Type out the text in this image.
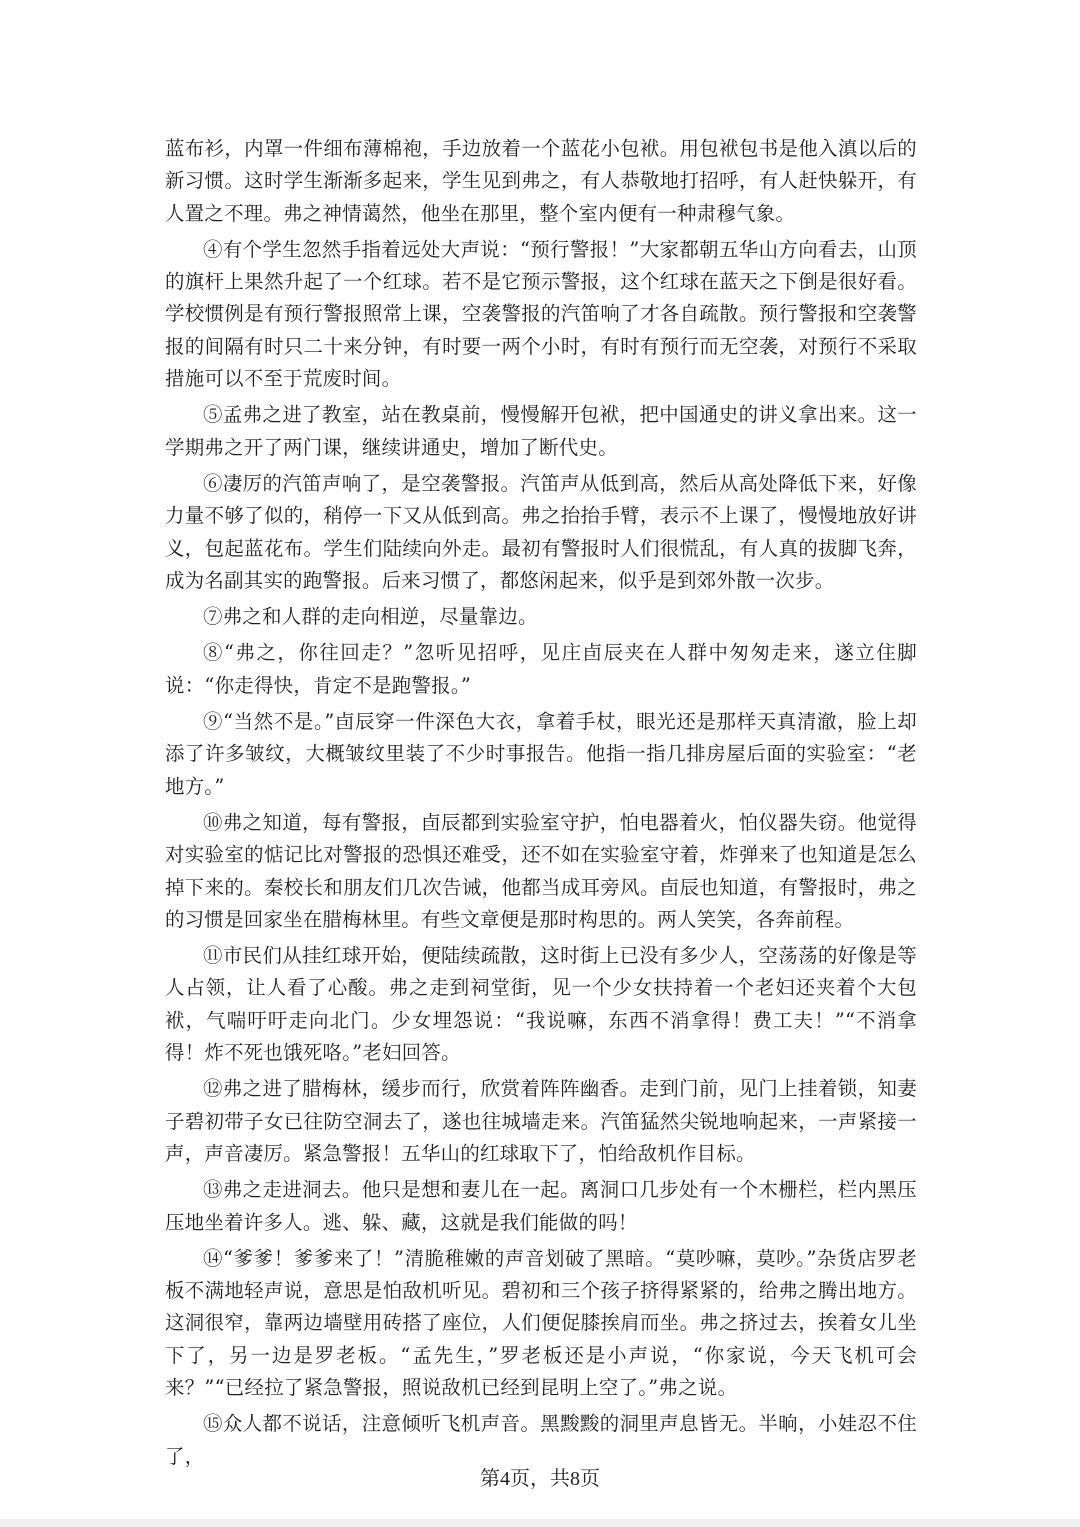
蓝布衫，内罩一件细布薄棉袍，手边放着一个蓝花小包袱。用包袱包书是他入滇以后的新习惯。这时学生渐渐多起来，学生见到弗之，有人恭敬地打招呼，有人赶快躲开，有人置之不理。弗之神情蔼然，他坐在那里，整个室内便有一种肃穆气象。

④有个学生忽然手指着远处大声说：“预行警报！”大家都朝五华山方向看去，山顶的旗杆上果然升起了一个红球。若不是它预示警报，这个红球在蓝天之下倒是很好看。学校惯例是有预行警报照常上课，空袭警报的汽笛响了才各自疏散。预行警报和空袭警报的间隔有时只二十来分钟，有时要一两个小时，有时有预行而无空袭，对预行不采取措施可以不至于荒废时间。

⑤孟弗之进了教室，站在教桌前，慢慢解开包袱，把中国通史的讲义拿出来。这一学期弗之开了两门课，继续讲通史，增加了断代史。

⑥凄厉的汽笛声响了，是空袭警报。汽笛声从低到高，然后从高处降低下来，好像力量不够了似的，稍停一下又从低到高。弗之抬抬手臂，表示不上课了，慢慢地放好讲义，包起蓝花布。学生们陆续向外走。最初有警报时人们很慌乱，有人真的拔脚飞奔，成为名副其实的跑警报。后来习惯了，都悠闲起来，似乎是到郊外散一次步。

⑦弗之和人群的走向相逆，尽量靠边。

⑧“弗之，你往回走？”忽听见招呼，见庄卣辰夹在人群中匆匆走来，遂立住脚说：“你走得快，肯定不是跑警报。”

⑨“当然不是。”卣辰穿一件深色大衣，拿着手杖，眼光还是那样天真清澈，脸上却添了许多皱纹，大概皱纹里装了不少时事报告。他指一指几排房屋后面的实验室：“老地方。”

⑩弗之知道，每有警报，卣辰都到实验室守护，怕电器着火，怕仪器失窃。他觉得对实验室的惦记比对警报的恐惧还难受，还不如在实验室守着，炸弹来了也知道是怎么掉下来的。秦校长和朋友们几次告诫，他都当成耳旁风。卣辰也知道，有警报时，弗之的习惯是回家坐在腊梅林里。有些文章便是那时构思的。两人笑笑，各奔前程。

⑪市民们从挂红球开始，便陆续疏散，这时街上已没有多少人，空荡荡的好像是等人占领，让人看了心酸。弗之走到祠堂街，见一个少女扶持着一个老妇还夹着个大包袱，气喘吁吁走向北门。少女埋怨说：“我说嘛，东西不消拿得！费工夫！”“不消拿得！炸不死也饿死咯。”老妇回答。

⑫弗之进了腊梅林，缓步而行，欣赏着阵阵幽香。走到门前，见门上挂着锁，知妻子碧初带子女已往防空洞去了，遂也往城墙走来。汽笛猛然尖锐地响起来，一声紧接一声，声音凄厉。紧急警报！五华山的红球取下了，怕给敌机作目标。

⑬弗之走进洞去。他只是想和妻儿在一起。离洞口几步处有一个木栅栏，栏内黑压压地坐着许多人。逃、躲、藏，这就是我们能做的吗！

⑭“爹爹！爹爹来了！”清脆稚嫩的声音划破了黑暗。“莫吵嘛，莫吵。”杂货店罗老板不满地轻声说，意思是怕敌机听见。碧初和三个孩子挤得紧紧的，给弗之腾出地方。这洞很窄，靠两边墙壁用砖搭了座位，人们便促膝挨肩而坐。弗之挤过去，挨着女儿坐下了，另一边是罗老板。“孟先生，”罗老板还是小声说，“你家说，今天飞机可会来？”“已经拉了紧急警报，照说敌机已经到昆明上空了。”弗之说。

⑮众人都不说话，注意倾听飞机声音。黑黢黢的洞里声息皆无。半晌，小娃忍不住了，

第4页，共8页
